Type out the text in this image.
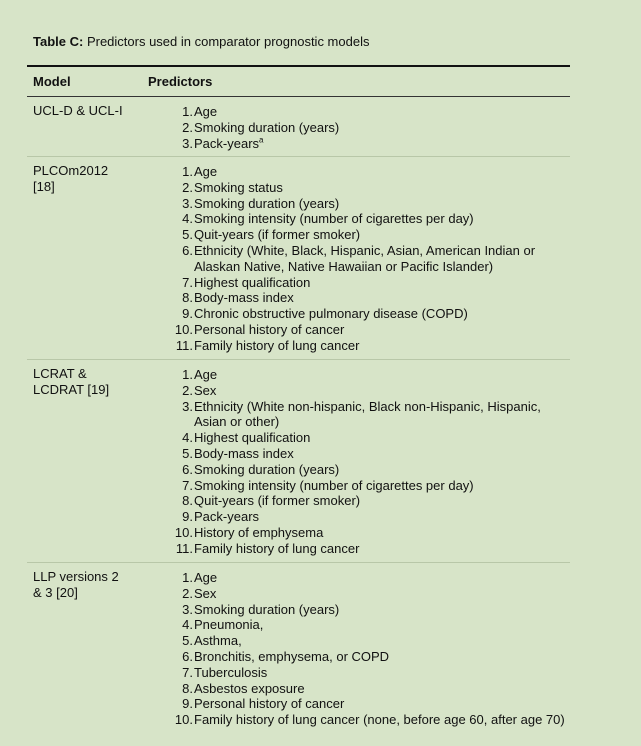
Table C: Predictors used in comparator prognostic models
Model	Predictors
UCL-D & UCL-I	1. Age
2. Smoking duration (years)
3. Pack-years$^a$
PLCOm2012
[18]
1. Age
2. Smoking status
3. Smoking duration (years)
4. Smoking intensity (number of cigarettes per day)
5. Quit-years (if former smoker)
6. Ethnicity (White, Black, Hispanic, Asian, American Indian or Alaskan Native, Native Hawaiian or Pacific Islander)
7. Highest qualification
8. Body-mass index
9. Chronic obstructive pulmonary disease (COPD)
10. Personal history of cancer
11. Family history of lung cancer
LCRAT &
LCDRAT [19]
1. Age
2. Sex
3. Ethnicity (White non-hispanic, Black non-Hispanic, Hispanic, Asian or other)
4. Highest qualification
5. Body-mass index
6. Smoking duration (years)
7. Smoking intensity (number of cigarettes per day)
8. Quit-years (if former smoker)
9. Pack-years
10. History of emphysema
11. Family history of lung cancer
LLP versions 2
& 3 [20]
1. Age
2. Sex
3. Smoking duration (years)
4. Pneumonia,
5. Asthma,
6. Bronchitis, emphysema, or COPD
7. Tuberculosis
8. Asbestos exposure
9. Personal history of cancer
10. Family history of lung cancer (none, before age 60, after age 70)
